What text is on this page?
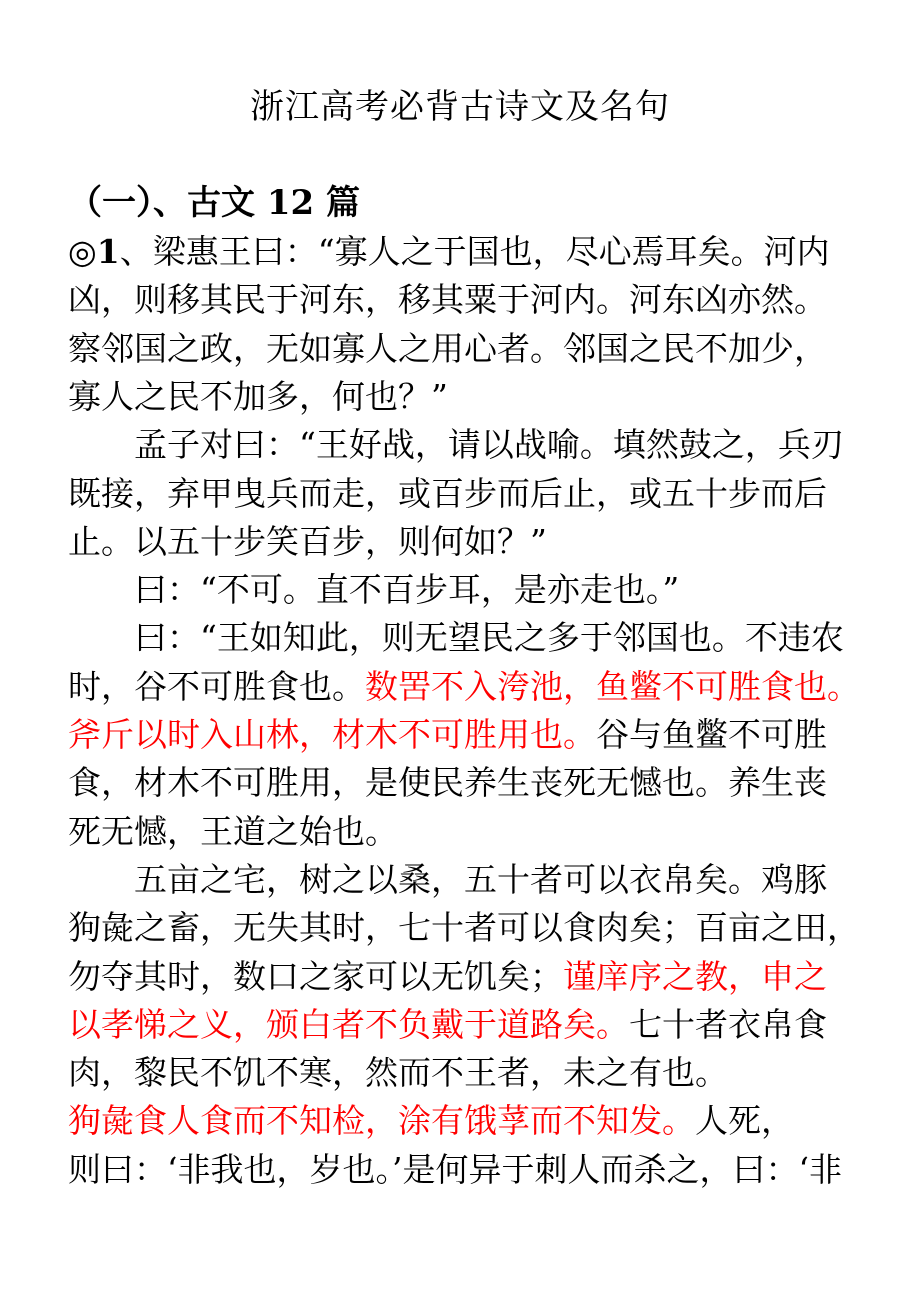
浙江高考必背古诗文及名句
（一）、古文 12 篇
◎1、梁惠王曰：“寡人之于国也，尽心焉耳矣。河内
凶，则移其民于河东，移其粟于河内。河东凶亦然。
察邻国之政，无如寡人之用心者。邻国之民不加少，
寡人之民不加多，何也？”
　　孟子对曰：“王好战，请以战喻。填然鼓之，兵刃
既接，弃甲曳兵而走，或百步而后止，或五十步而后
止。以五十步笑百步，则何如？”
　　曰：“不可。直不百步耳，是亦走也。”
　　曰：“王如知此，则无望民之多于邻国也。不违农
时，谷不可胜食也。数罟不入洿池，鱼鳖不可胜食也。
斧斤以时入山林，材木不可胜用也。谷与鱼鳖不可胜
食，材木不可胜用，是使民养生丧死无憾也。养生丧
死无憾，王道之始也。
　　五亩之宅，树之以桑，五十者可以衣帛矣。鸡豚
狗彘之畜，无失其时，七十者可以食肉矣；百亩之田，
勿夺其时，数口之家可以无饥矣；谨庠序之教，申之
以孝悌之义，颁白者不负戴于道路矣。七十者衣帛食
肉，黎民不饥不寒，然而不王者，未之有也。
狗彘食人食而不知检，涂有饿莩而不知发。人死，
则曰：‘非我也，岁也。’是何异于刺人而杀之，曰：‘非
